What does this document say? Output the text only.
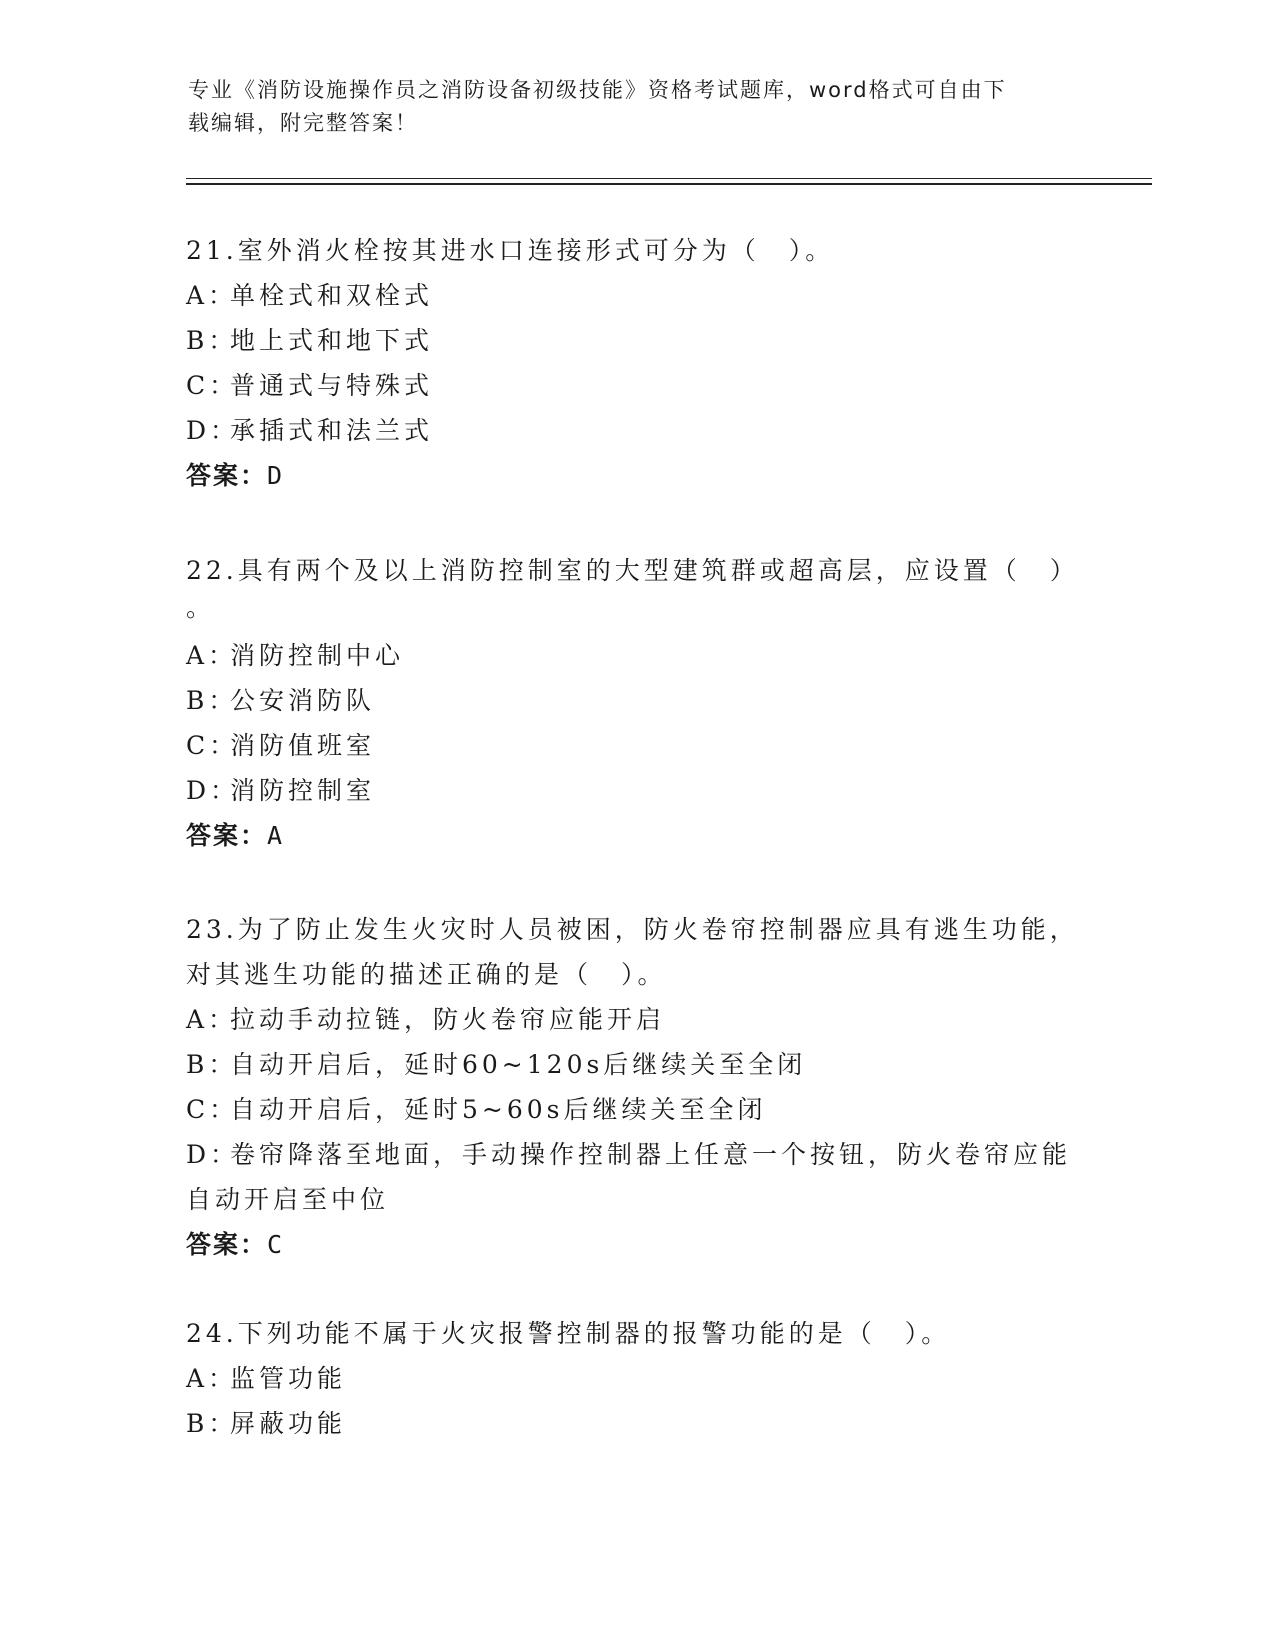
专业《消防设施操作员之消防设备初级技能》资格考试题库，word格式可自由下
载编辑，附完整答案！
21.室外消火栓按其进水口连接形式可分为（　）。
A：单栓式和双栓式
B：地上式和地下式
C：普通式与特殊式
D：承插式和法兰式
答案：D
22.具有两个及以上消防控制室的大型建筑群或超高层，应设置（　）
。
A：消防控制中心
B：公安消防队
C：消防值班室
D：消防控制室
答案：A
23.为了防止发生火灾时人员被困，防火卷帘控制器应具有逃生功能，
对其逃生功能的描述正确的是（　）。
A：拉动手动拉链，防火卷帘应能开启
B：自动开启后，延时60~120s后继续关至全闭
C：自动开启后，延时5~60s后继续关至全闭
D：卷帘降落至地面，手动操作控制器上任意一个按钮，防火卷帘应能
自动开启至中位
答案：C
24.下列功能不属于火灾报警控制器的报警功能的是（　）。
A：监管功能
B：屏蔽功能
